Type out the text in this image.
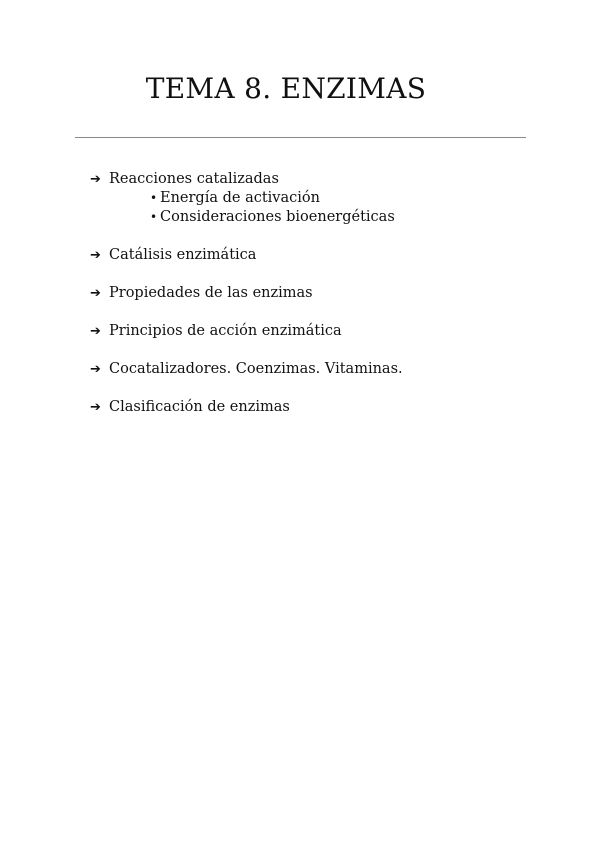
TEMA 8. ENZIMAS
➔ Reacciones catalizadas
• Energía de activación
• Consideraciones bioenergéticas
➔ Catálisis enzimática
➔ Propiedades de las enzimas
➔ Principios de acción enzimática
➔ Cocatalizadores. Coenzimas. Vitaminas.
➔ Clasificación de enzimas
